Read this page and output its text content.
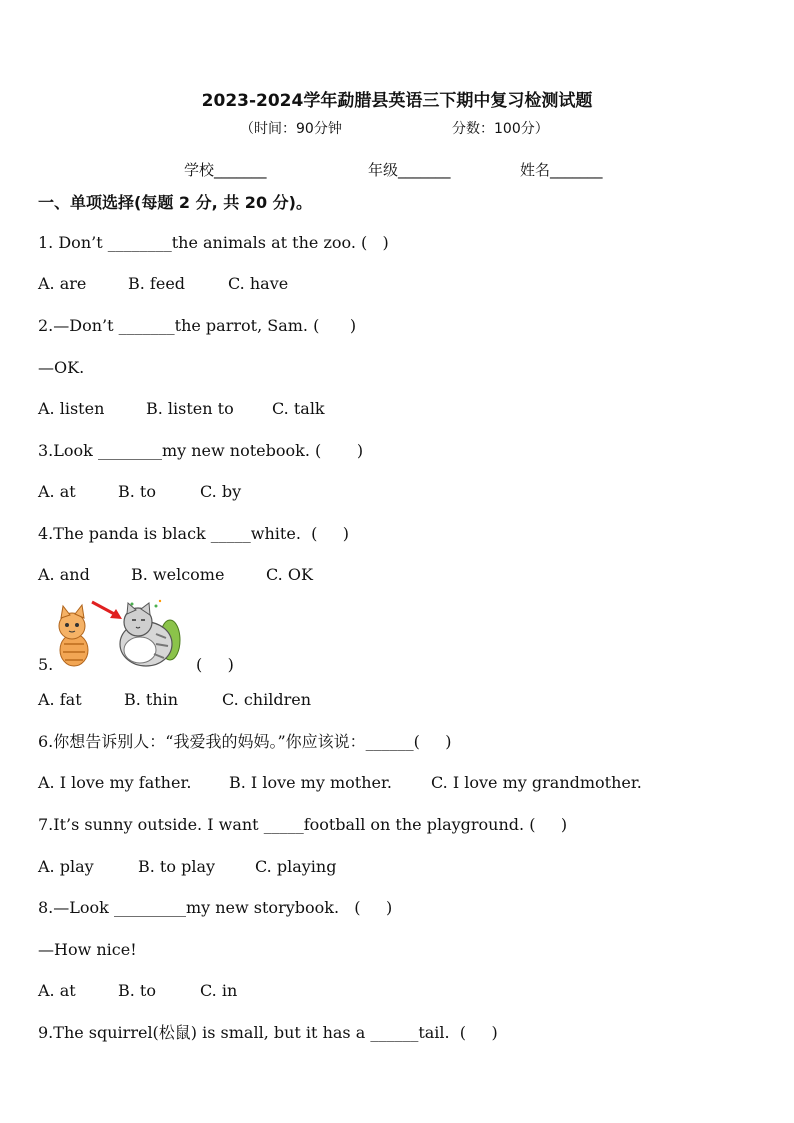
2023-2024学年勐腊县英语三下期中复习检测试题
（时间：90分钟	分数：100分）
学校_______	年级_______	姓名_______
一、单项选择(每题 2 分, 共 20 分)。
1. Don’t ________the animals at the zoo. (   )
A. are	B. feed	C. have
2.—Don’t _______the parrot, Sam. (      )
—OK.
A. listen	B. listen to C. talk
3.Look ________my new notebook. (       )
A. at	B. to	C. by
4.The panda is black _____white.  (     )
A. and	B. welcome	C. OK
5.	(     )
A. fat	B. thin	C. children
6.你想告诉别人：“我爱我的妈妈。”你应该说：______(     )
A. I love my father. B. I love my mother. C. I love my grandmother.
7.It’s sunny outside. I want _____football on the playground. (     )
A. play	B. to play C. playing
8.—Look _________my new storybook.   (     )
—How nice!
A. at	B. to	C. in
9.The squirrel(松鼠) is small, but it has a ______tail.  (     )
